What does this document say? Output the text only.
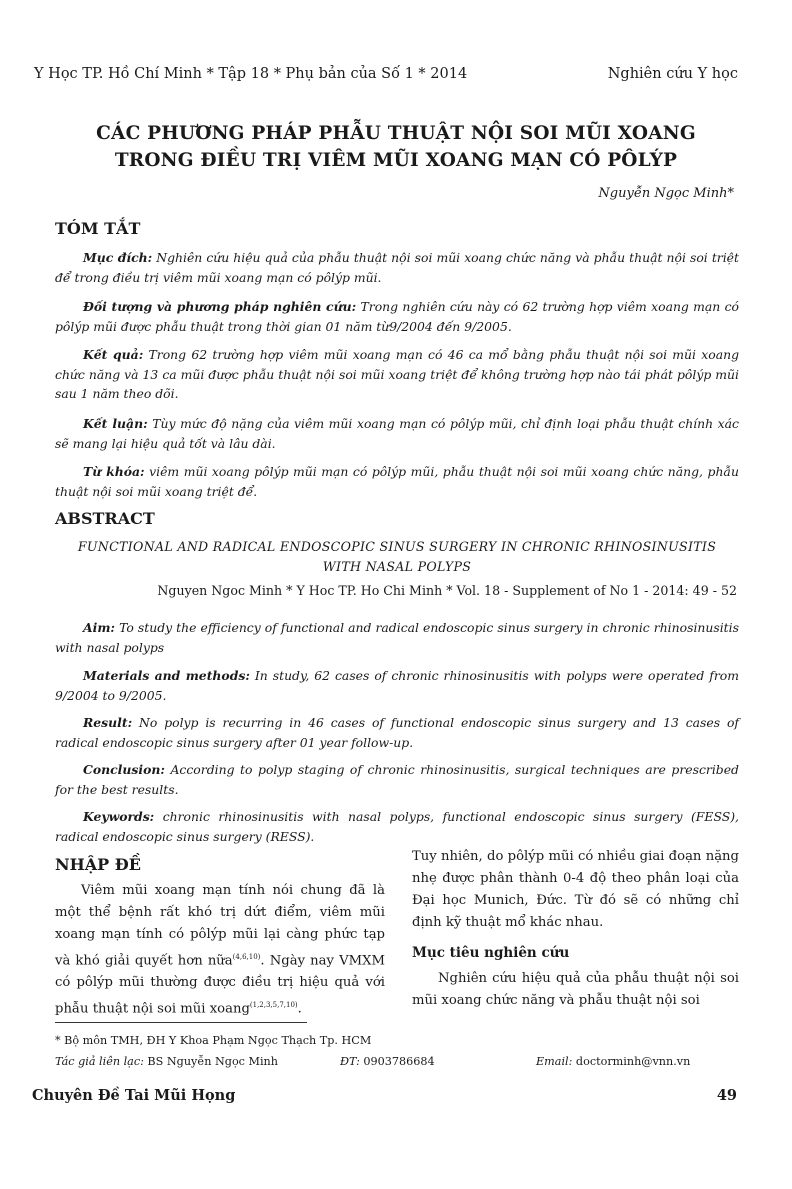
Y Học TP. Hồ Chí Minh * Tập 18 * Phụ bản của Số 1 * 2014	Nghiên cứu Y học
CÁC PHƯƠNG PHÁP PHẪU THUẬT NỘI SOI MŨI XOANG
TRONG ĐIỀU TRỊ VIÊM MŨI XOANG MẠN CÓ PÔLÝP
Nguyễn Ngọc Minh*
TÓM TẮT
Mục đích: Nghiên cứu hiệu quả của phẫu thuật nội soi mũi xoang chức năng và phẫu thuật nội soi triệt để trong điều trị viêm mũi xoang mạn có pôlýp mũi.
Đối tượng và phương pháp nghiên cứu: Trong nghiên cứu này có 62 trường hợp viêm xoang mạn có pôlýp mũi được phẫu thuật trong thời gian 01 năm từ9/2004 đến 9/2005.
Kết quả: Trong 62 trường hợp viêm mũi xoang mạn có 46 ca mổ bằng phẫu thuật nội soi mũi xoang chức năng và 13 ca mũi được phẫu thuật nội soi mũi xoang triệt để không trường hợp nào tái phát pôlýp mũi sau 1 năm theo dõi.
Kết luận: Tùy mức độ nặng của viêm mũi xoang mạn có pôlýp mũi, chỉ định loại phẫu thuật chính xác sẽ mang lại hiệu quả tốt và lâu dài.
Từ khóa: viêm mũi xoang pôlýp mũi mạn có pôlýp mũi, phẫu thuật nội soi mũi xoang chức năng, phẫu thuật nội soi mũi xoang triệt để.
ABSTRACT
FUNCTIONAL AND RADICAL ENDOSCOPIC SINUS SURGERY IN CHRONIC RHINOSINUSITIS
WITH NASAL POLYPS
Nguyen Ngoc Minh * Y Hoc TP. Ho Chi Minh * Vol. 18 - Supplement of No 1 - 2014: 49 - 52
Aim: To study the efficiency of functional and radical endoscopic sinus surgery in chronic rhinosinusitis with nasal polyps
Materials and methods: In study, 62 cases of chronic rhinosinusitis with polyps were operated from 9/2004 to 9/2005.
Result: No polyp is recurring in 46 cases of functional endoscopic sinus surgery and 13 cases of radical endoscopic sinus surgery after 01 year follow-up.
Conclusion: According to polyp staging of chronic rhinosinusitis, surgical techniques are prescribed for the best results.
Keywords: chronic rhinosinusitis with nasal polyps, functional endoscopic sinus surgery (FESS), radical endoscopic sinus surgery (RESS).
NHẬP ĐỀ

Viêm mũi xoang mạn tính nói chung đã là một thể bệnh rất khó trị dứt điểm, viêm mũi xoang mạn tính có pôlýp mũi lại càng phức tạp và khó giải quyết hơn nữa$^{(4,6,10)}$. Ngày nay VMXM có pôlýp mũi thường được điều trị hiệu quả với phẫu thuật nội soi mũi xoang$^{(1,2,3,5,7,10)}$.

Tuy nhiên, do pôlýp mũi có nhiều giai đoạn nặng nhẹ được phân thành 0-4 độ theo phân loại của Đại học Munich, Đức. Từ đó sẽ có những chỉ định kỹ thuật mổ khác nhau.

Mục tiêu nghiên cứu

Nghiên cứu hiệu quả của phẫu thuật nội soi mũi xoang chức năng và phẫu thuật nội soi

* Bộ môn TMH, ĐH Y Khoa Phạm Ngọc Thạch Tp. HCM
Tác giả liên lạc: BS Nguyễn Ngọc Minh	ĐT: 0903786684	Email: doctorminh@vnn.vn
Chuyên Đề Tai Mũi Họng	49
